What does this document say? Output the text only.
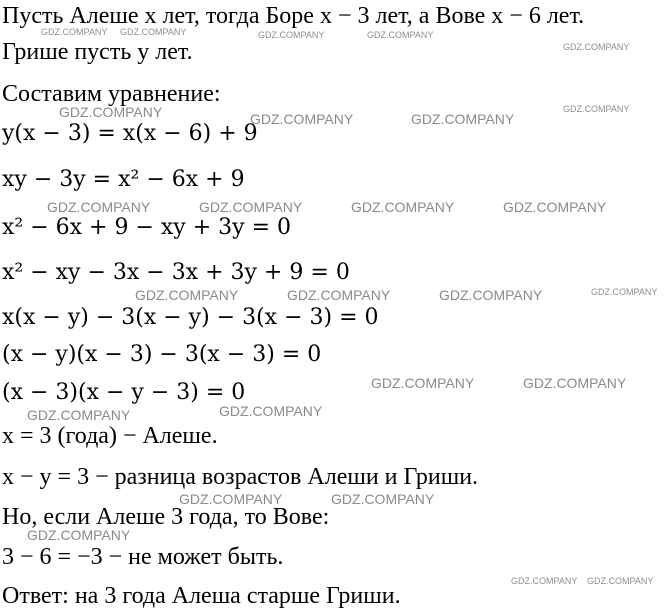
Пусть Алеше x лет, тогда Боре x − 3 лет, а Вове x − 6 лет.
Грише пусть y лет.
Составим уравнение:
y(x − 3) = x(x − 6) + 9
xy − 3y = x² − 6x + 9
x² − 6x + 9 − xy + 3y = 0
x² − xy − 3x − 3x + 3y + 9 = 0
x(x − y) − 3(x − y) − 3(x − 3) = 0
(x − y)(x − 3) − 3(x − 3) = 0
(x − 3)(x − y − 3) = 0
x = 3 (года) − Алеше.
x − y = 3 − разница возрастов Алеши и Гриши.
Но, если Алеше 3 года, то Вове:
3 − 6 = −3 − не может быть.
Ответ: на 3 года Алеша старше Гриши.
GDZ.COMPANY GDZ.COMPANY	GDZ.COMPANY	GDZ.COMPANY
GDZ.COMPANY
GDZ.COMPANY	GDZ.COMPANY	GDZ.COMPANY
GDZ.COMPANY
GDZ.COMPANY	GDZ.COMPANY	GDZ.COMPANY	GDZ.COMPANY
GDZ.COMPANY	GDZ.COMPANY	GDZ.COMPANY	GDZ.COMPANY
GDZ.COMPANY	GDZ.COMPANY
GDZ.COMPANY	GDZ.COMPANY
GDZ.COMPANY	GDZ.COMPANY
GDZ.COMPANY
GDZ.COMPANY GDZ.COMPANY
